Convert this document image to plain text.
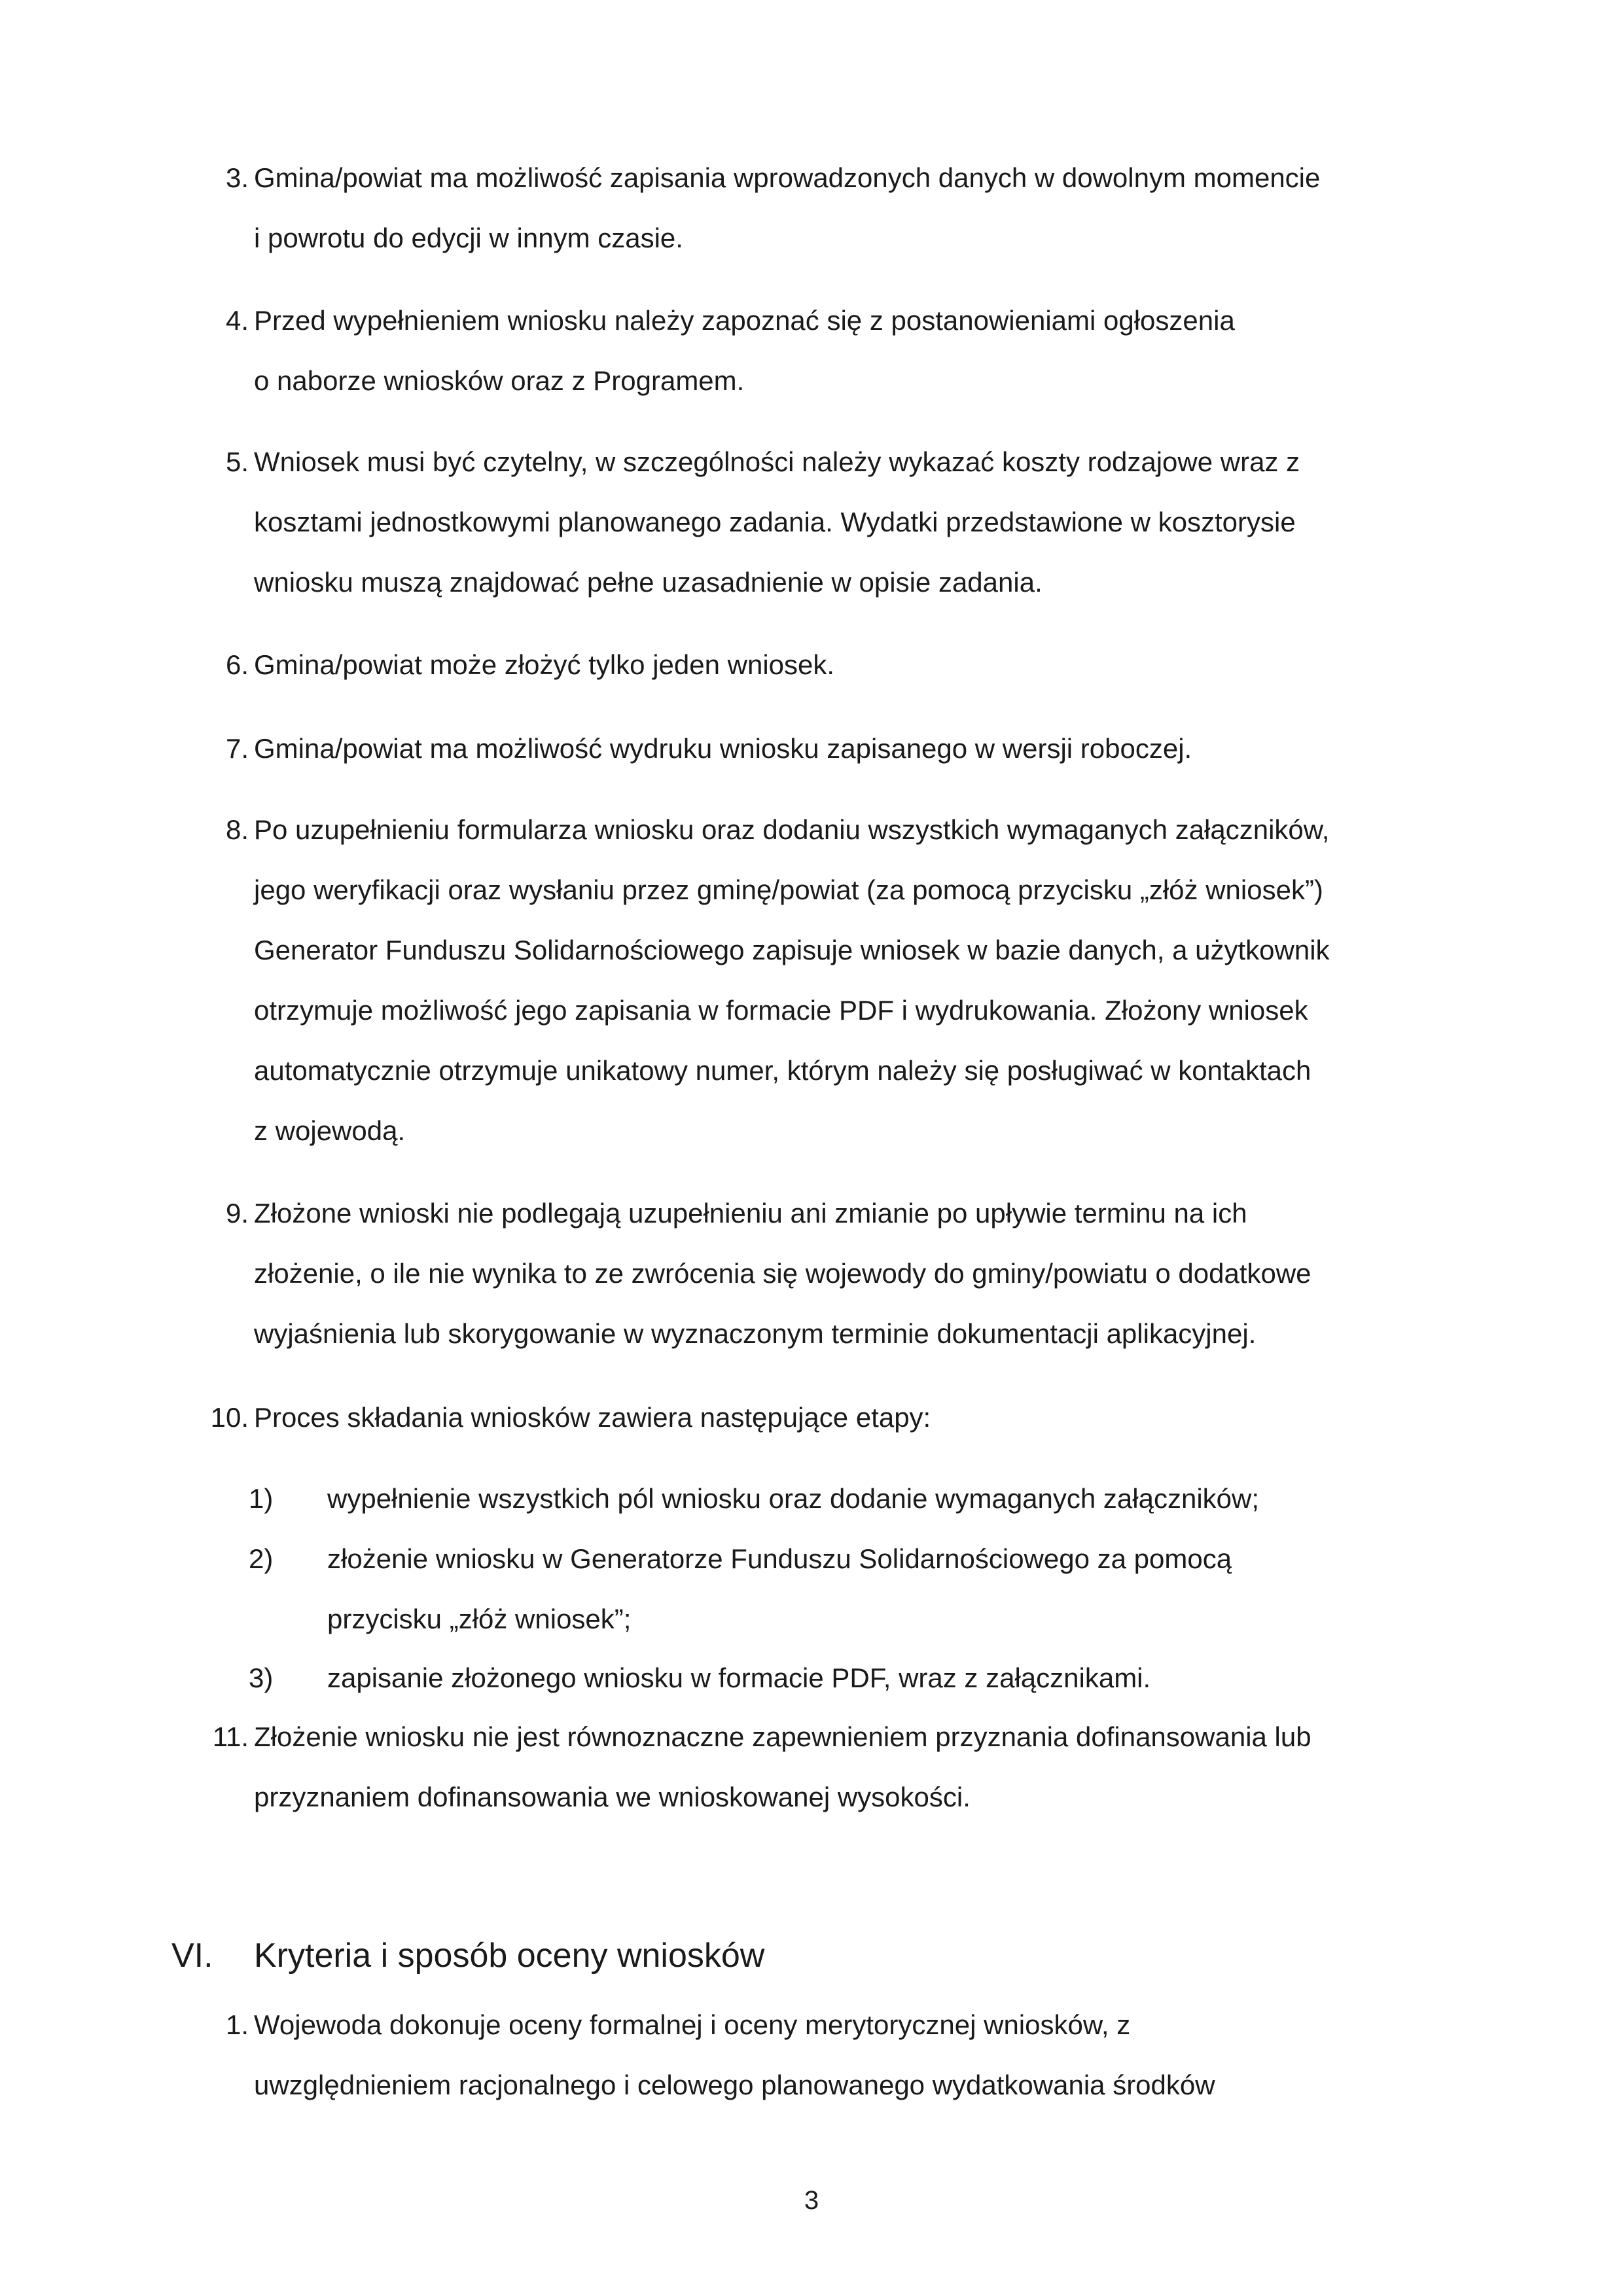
3. Gmina/powiat ma możliwość zapisania wprowadzonych danych w dowolnym momencie
i powrotu do edycji w innym czasie.
4. Przed wypełnieniem wniosku należy zapoznać się z postanowieniami ogłoszenia
o naborze wniosków oraz z Programem.
5. Wniosek musi być czytelny, w szczególności należy wykazać koszty rodzajowe wraz z
kosztami jednostkowymi planowanego zadania. Wydatki przedstawione w kosztorysie
wniosku muszą znajdować pełne uzasadnienie w opisie zadania.
6. Gmina/powiat może złożyć tylko jeden wniosek.
7. Gmina/powiat ma możliwość wydruku wniosku zapisanego w wersji roboczej.
8. Po uzupełnieniu formularza wniosku oraz dodaniu wszystkich wymaganych załączników,
jego weryfikacji oraz wysłaniu przez gminę/powiat (za pomocą przycisku „złóż wniosek”)
Generator Funduszu Solidarnościowego zapisuje wniosek w bazie danych, a użytkownik
otrzymuje możliwość jego zapisania w formacie PDF i wydrukowania. Złożony wniosek
automatycznie otrzymuje unikatowy numer, którym należy się posługiwać w kontaktach
z wojewodą.
9. Złożone wnioski nie podlegają uzupełnieniu ani zmianie po upływie terminu na ich
złożenie, o ile nie wynika to ze zwrócenia się wojewody do gminy/powiatu o dodatkowe
wyjaśnienia lub skorygowanie w wyznaczonym terminie dokumentacji aplikacyjnej.
10. Proces składania wniosków zawiera następujące etapy:
1)	wypełnienie wszystkich pól wniosku oraz dodanie wymaganych załączników;
2)	złożenie wniosku w Generatorze Funduszu Solidarnościowego za pomocą
przycisku „złóż wniosek”;
3)	zapisanie złożonego wniosku w formacie PDF, wraz z załącznikami.
11. Złożenie wniosku nie jest równoznaczne zapewnieniem przyznania dofinansowania lub
przyznaniem dofinansowania we wnioskowanej wysokości.
VI. Kryteria i sposób oceny wniosków
1. Wojewoda dokonuje oceny formalnej i oceny merytorycznej wniosków, z
uwzględnieniem racjonalnego i celowego planowanego wydatkowania środków
3
